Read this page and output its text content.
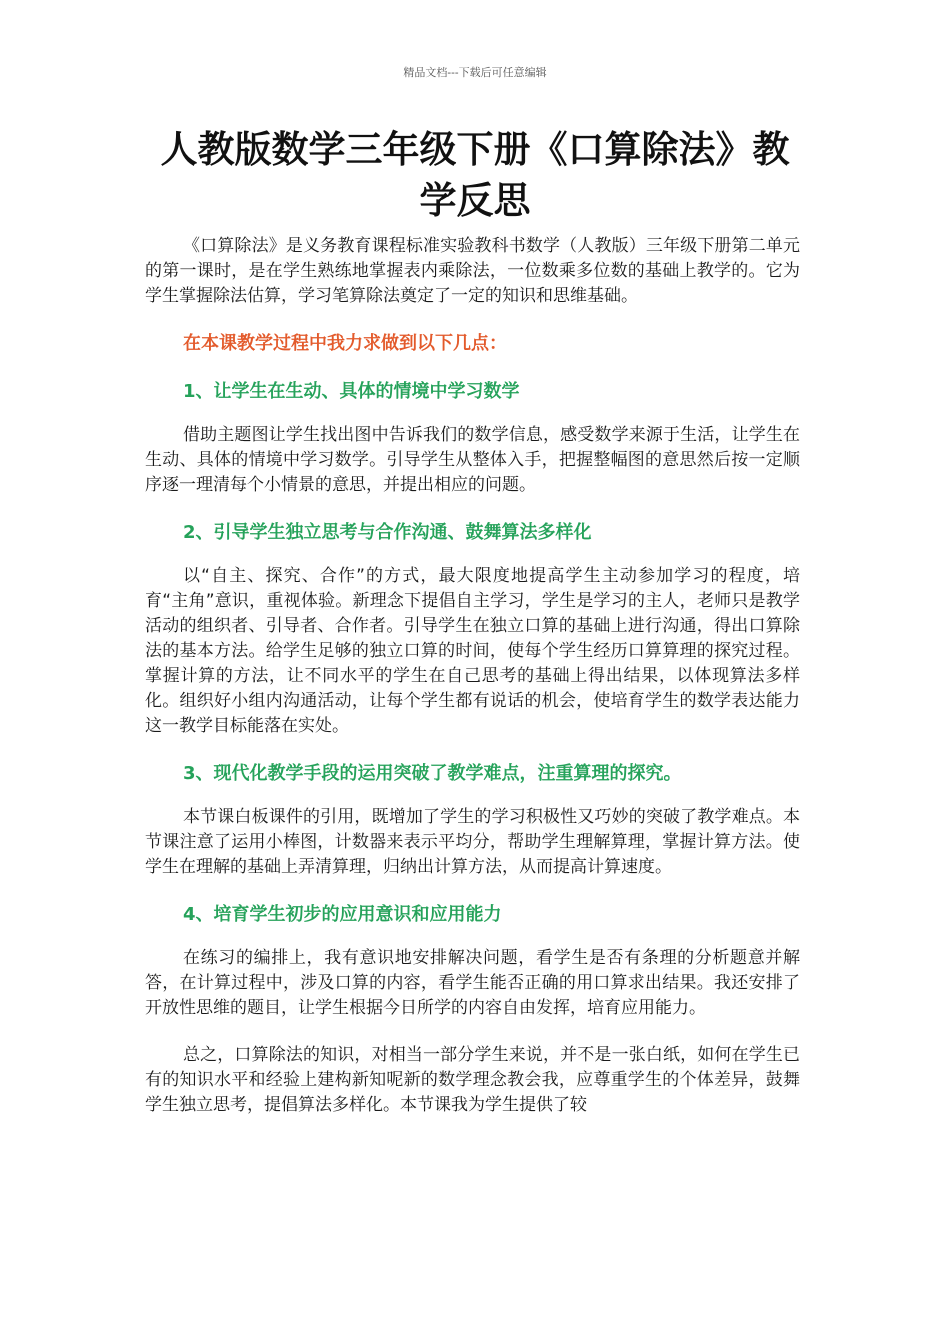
精品文档---下载后可任意编辑
人教版数学三年级下册《口算除法》教学反思

《口算除法》是义务教育课程标准实验教科书数学（人教版）三年级下册第二单元的第一课时，是在学生熟练地掌握表内乘除法，一位数乘多位数的基础上教学的。它为学生掌握除法估算，学习笔算除法奠定了一定的知识和思维基础。

在本课教学过程中我力求做到以下几点：
1、让学生在生动、具体的情境中学习数学

借助主题图让学生找出图中告诉我们的数学信息，感受数学来源于生活，让学生在生动、具体的情境中学习数学。引导学生从整体入手，把握整幅图的意思然后按一定顺序逐一理清每个小情景的意思，并提出相应的问题。

2、引导学生独立思考与合作沟通、鼓舞算法多样化

以“自主、探究、合作”的方式，最大限度地提高学生主动参加学习的程度，培育“主角”意识，重视体验。新理念下提倡自主学习，学生是学习的主人，老师只是教学活动的组织者、引导者、合作者。引导学生在独立口算的基础上进行沟通，得出口算除法的基本方法。给学生足够的独立口算的时间，使每个学生经历口算算理的探究过程。掌握计算的方法，让不同水平的学生在自己思考的基础上得出结果，以体现算法多样化。组织好小组内沟通活动，让每个学生都有说话的机会，使培育学生的数学表达能力这一教学目标能落在实处。

3、现代化教学手段的运用突破了教学难点，注重算理的探究。

本节课白板课件的引用，既增加了学生的学习积极性又巧妙的突破了教学难点。本节课注意了运用小棒图，计数器来表示平均分，帮助学生理解算理，掌握计算方法。使学生在理解的基础上弄清算理，归纳出计算方法，从而提高计算速度。

4、培育学生初步的应用意识和应用能力

在练习的编排上，我有意识地安排解决问题，看学生是否有条理的分析题意并解答，在计算过程中，涉及口算的内容，看学生能否正确的用口算求出结果。我还安排了开放性思维的题目，让学生根据今日所学的内容自由发挥，培育应用能力。

总之，口算除法的知识，对相当一部分学生来说，并不是一张白纸，如何在学生已有的知识水平和经验上建构新知呢新的数学理念教会我，应尊重学生的个体差异，鼓舞学生独立思考，提倡算法多样化。本节课我为学生提供了较
